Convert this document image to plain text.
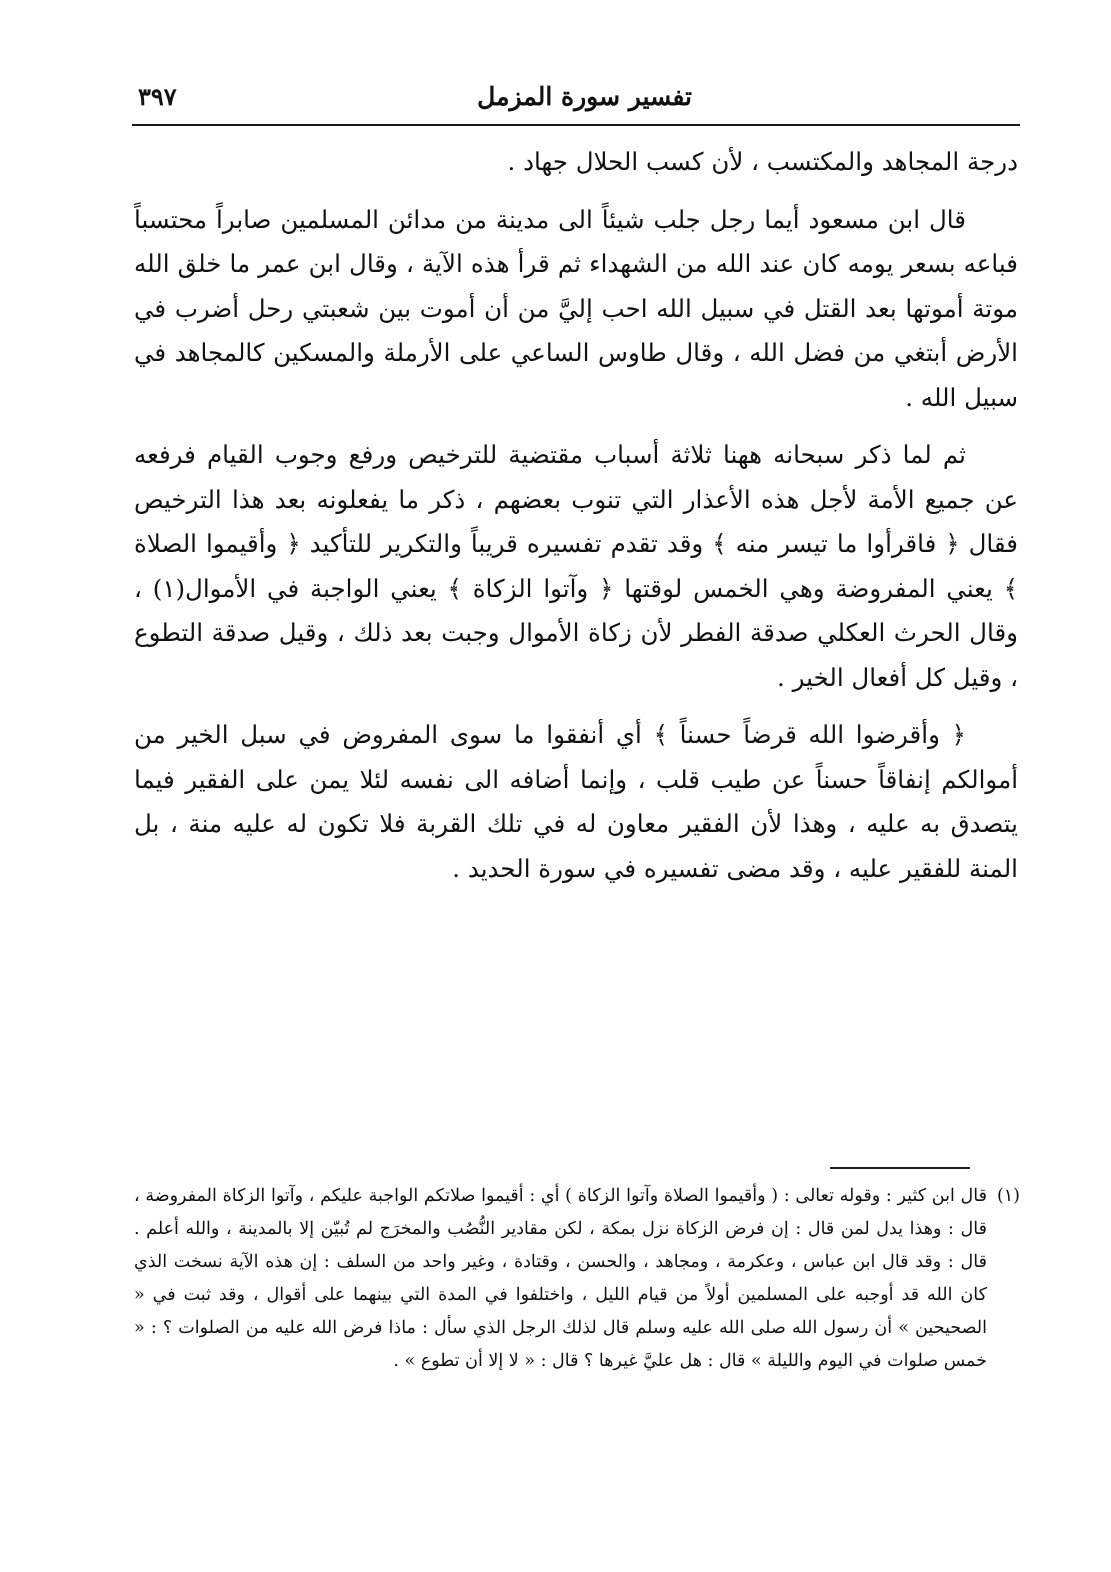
تفسير سورة المزمل
٣٩٧

درجة المجاهد والمكتسب ، لأن كسب الحلال جهاد .

قال ابن مسعود أيما رجل جلب شيئاً الى مدينة من مدائن المسلمين صابراً محتسباً فباعه بسعر يومه كان عند الله من الشهداء ثم قرأ هذه الآية ، وقال ابن عمر ما خلق الله موتة أموتها بعد القتل في سبيل الله احب إليَّ من أن أموت بين شعبتي رحل أضرب في الأرض أبتغي من فضل الله ، وقال طاوس الساعي على الأرملة والمسكين كالمجاهد في سبيل الله .

ثم لما ذكر سبحانه ههنا ثلاثة أسباب مقتضية للترخيص ورفع وجوب القيام فرفعه عن جميع الأمة لأجل هذه الأعذار التي تنوب بعضهم ، ذكر ما يفعلونه بعد هذا الترخيص فقال ﴿ فاقرأوا ما تيسر منه ﴾ وقد تقدم تفسيره قريباً والتكرير للتأكيد ﴿ وأقيموا الصلاة ﴾ يعني المفروضة وهي الخمس لوقتها ﴿ وآتوا الزكاة ﴾ يعني الواجبة في الأموال(١) ، وقال الحرث العكلي صدقة الفطر لأن زكاة الأموال وجبت بعد ذلك ، وقيل صدقة التطوع ، وقيل كل أفعال الخير .

﴿ وأقرضوا الله قرضاً حسناً ﴾ أي أنفقوا ما سوى المفروض في سبل الخير من أموالكم إنفاقاً حسناً عن طيب قلب ، وإنما أضافه الى نفسه لئلا يمن على الفقير فيما يتصدق به عليه ، وهذا لأن الفقير معاون له في تلك القربة فلا تكون له عليه منة ، بل المنة للفقير عليه ، وقد مضى تفسيره في سورة الحديد .

(١)
قال ابن كثير : وقوله تعالى : ( وأقيموا الصلاة وآتوا الزكاة ) أي : أقيموا صلاتكم الواجبة عليكم ، وآتوا الزكاة المفروضة ، قال : وهذا يدل لمن قال : إن فرض الزكاة نزل بمكة ، لكن مقادير النُّصُب والمخرَج لم تُبيّن إلا بالمدينة ، والله أعلم . قال : وقد قال ابن عباس ، وعكرمة ، ومجاهد ، والحسن ، وقتادة ، وغير واحد من السلف : إن هذه الآية نسخت الذي كان الله قد أوجبه على المسلمين أولاً من قيام الليل ، واختلفوا في المدة التي بينهما على أقوال ، وقد ثبت في « الصحيحين » أن رسول الله صلى الله عليه وسلم قال لذلك الرجل الذي سأل : ماذا فرض الله عليه من الصلوات ؟ : « خمس صلوات في اليوم والليلة » قال : هل عليَّ غيرها ؟ قال : « لا إلا أن تطوع » .
